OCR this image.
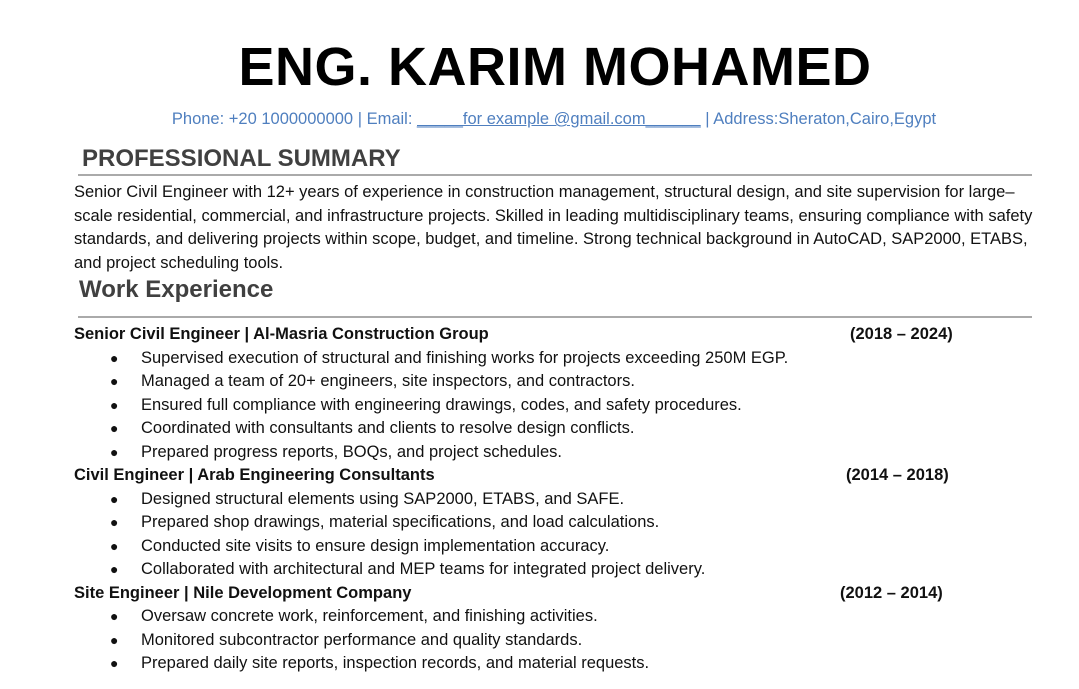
ENG. KARIM MOHAMED
Phone: +20 1000000000 | Email: _____for example @gmail.com______ | Address:Sheraton,Cairo,Egypt
PROFESSIONAL SUMMARY
Senior Civil Engineer with 12+ years of experience in construction management, structural design, and site supervision for large–scale residential, commercial, and infrastructure projects. Skilled in leading multidisciplinary teams, ensuring compliance with safety standards, and delivering projects within scope, budget, and timeline. Strong technical background in AutoCAD, SAP2000, ETABS, and project scheduling tools.
Work Experience
Senior Civil Engineer | Al-Masria Construction Group	(2018 – 2024)
● Supervised execution of structural and finishing works for projects exceeding 250M EGP.
● Managed a team of 20+ engineers, site inspectors, and contractors.
● Ensured full compliance with engineering drawings, codes, and safety procedures.
● Coordinated with consultants and clients to resolve design conflicts.
● Prepared progress reports, BOQs, and project schedules.
Civil Engineer | Arab Engineering Consultants	(2014 – 2018)
● Designed structural elements using SAP2000, ETABS, and SAFE.
● Prepared shop drawings, material specifications, and load calculations.
● Conducted site visits to ensure design implementation accuracy.
● Collaborated with architectural and MEP teams for integrated project delivery.
Site Engineer | Nile Development Company	(2012 – 2014)
● Oversaw concrete work, reinforcement, and finishing activities.
● Monitored subcontractor performance and quality standards.
● Prepared daily site reports, inspection records, and material requests.
